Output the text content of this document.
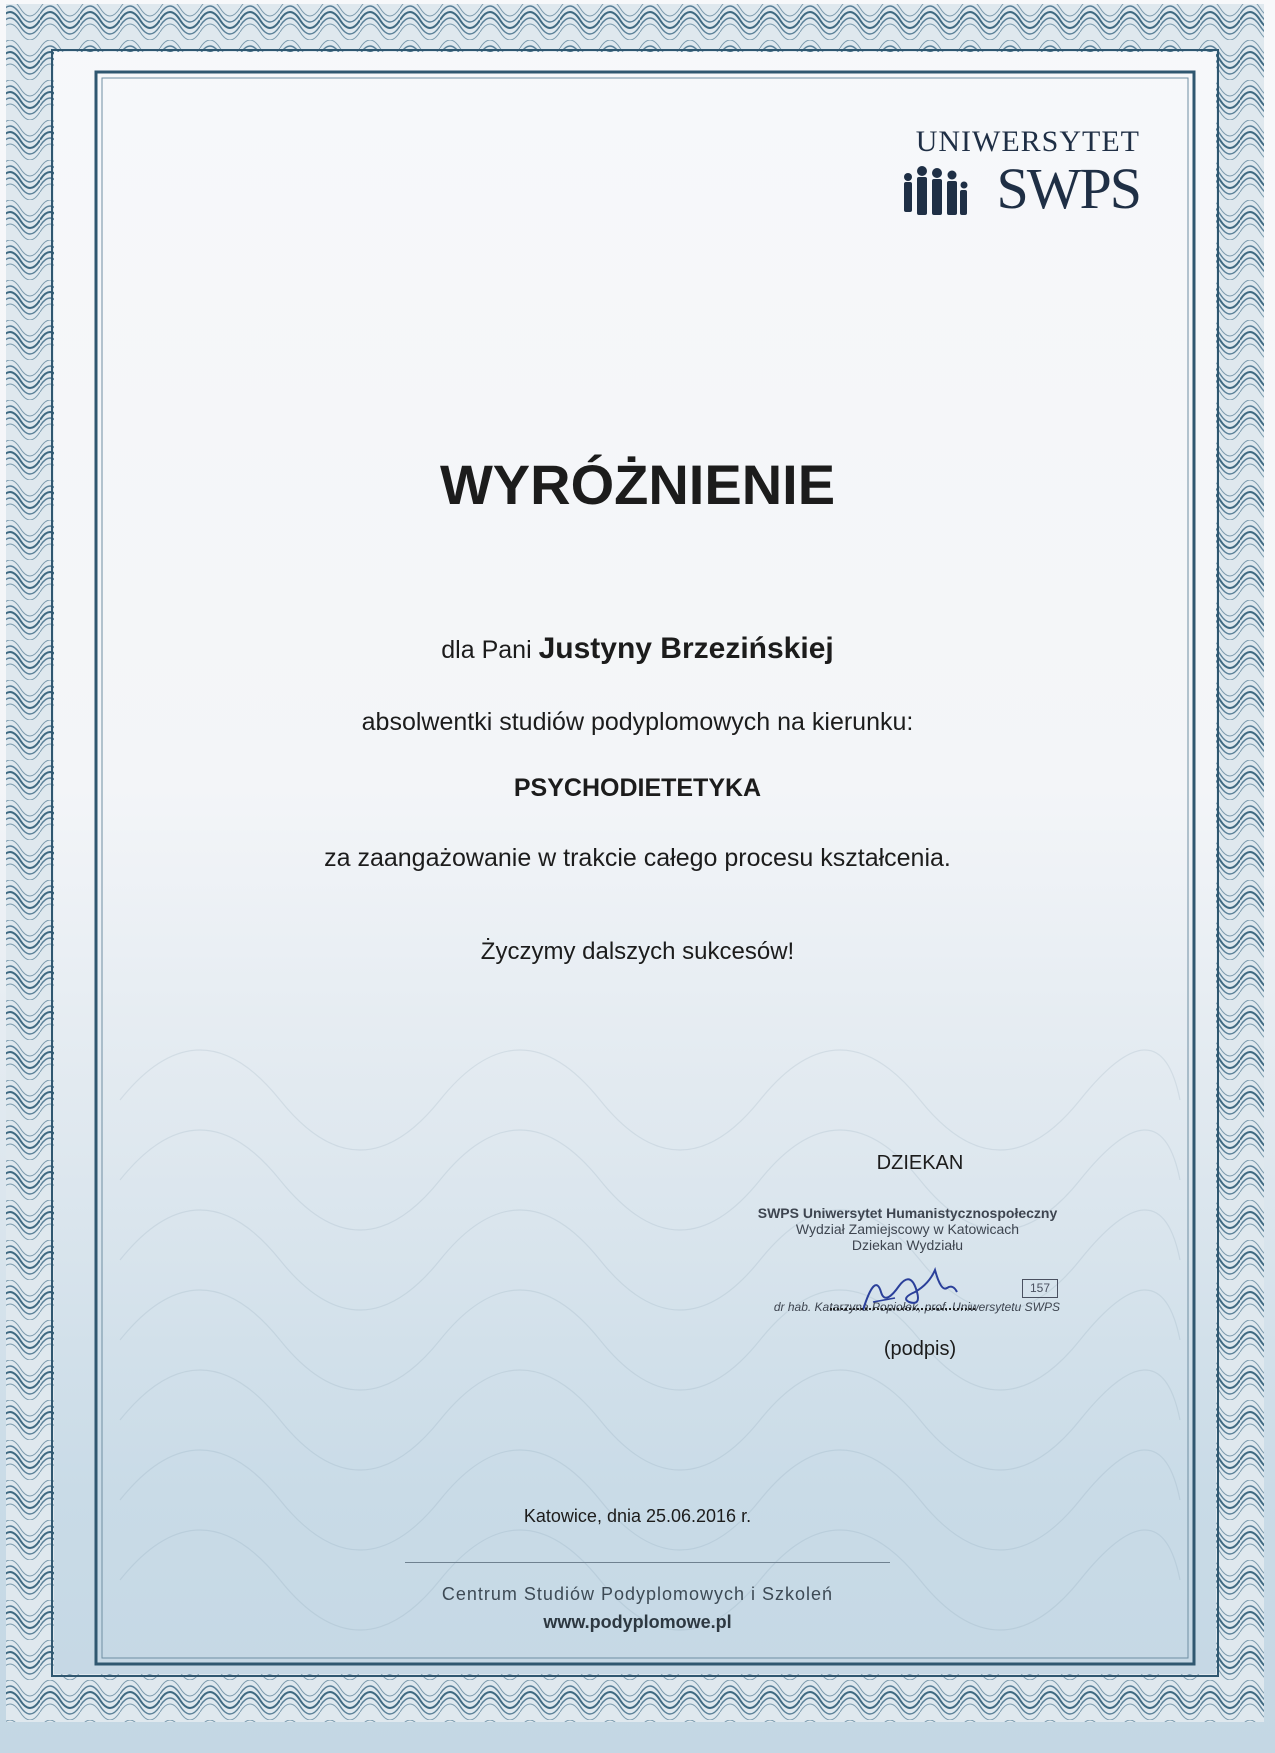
UNIWERSYTET
SWPS
WYRÓŻNIENIE
dla Pani Justyny Brzezińskiej
absolwentki studiów podyplomowych na kierunku:
PSYCHODIETETYKA
za zaangażowanie w trakcie całego procesu kształcenia.
Życzymy dalszych sukcesów!
DZIEKAN
SWPS Uniwersytet Humanistycznospołeczny
Wydział Zamiejscowy w Katowicach
Dziekan Wydziału
dr hab. Katarzyna Popiołek, prof. Uniwersytetu SWPS
157
(podpis)
Katowice, dnia 25.06.2016 r.
Centrum Studiów Podyplomowych i Szkoleń
www.podyplomowe.pl
